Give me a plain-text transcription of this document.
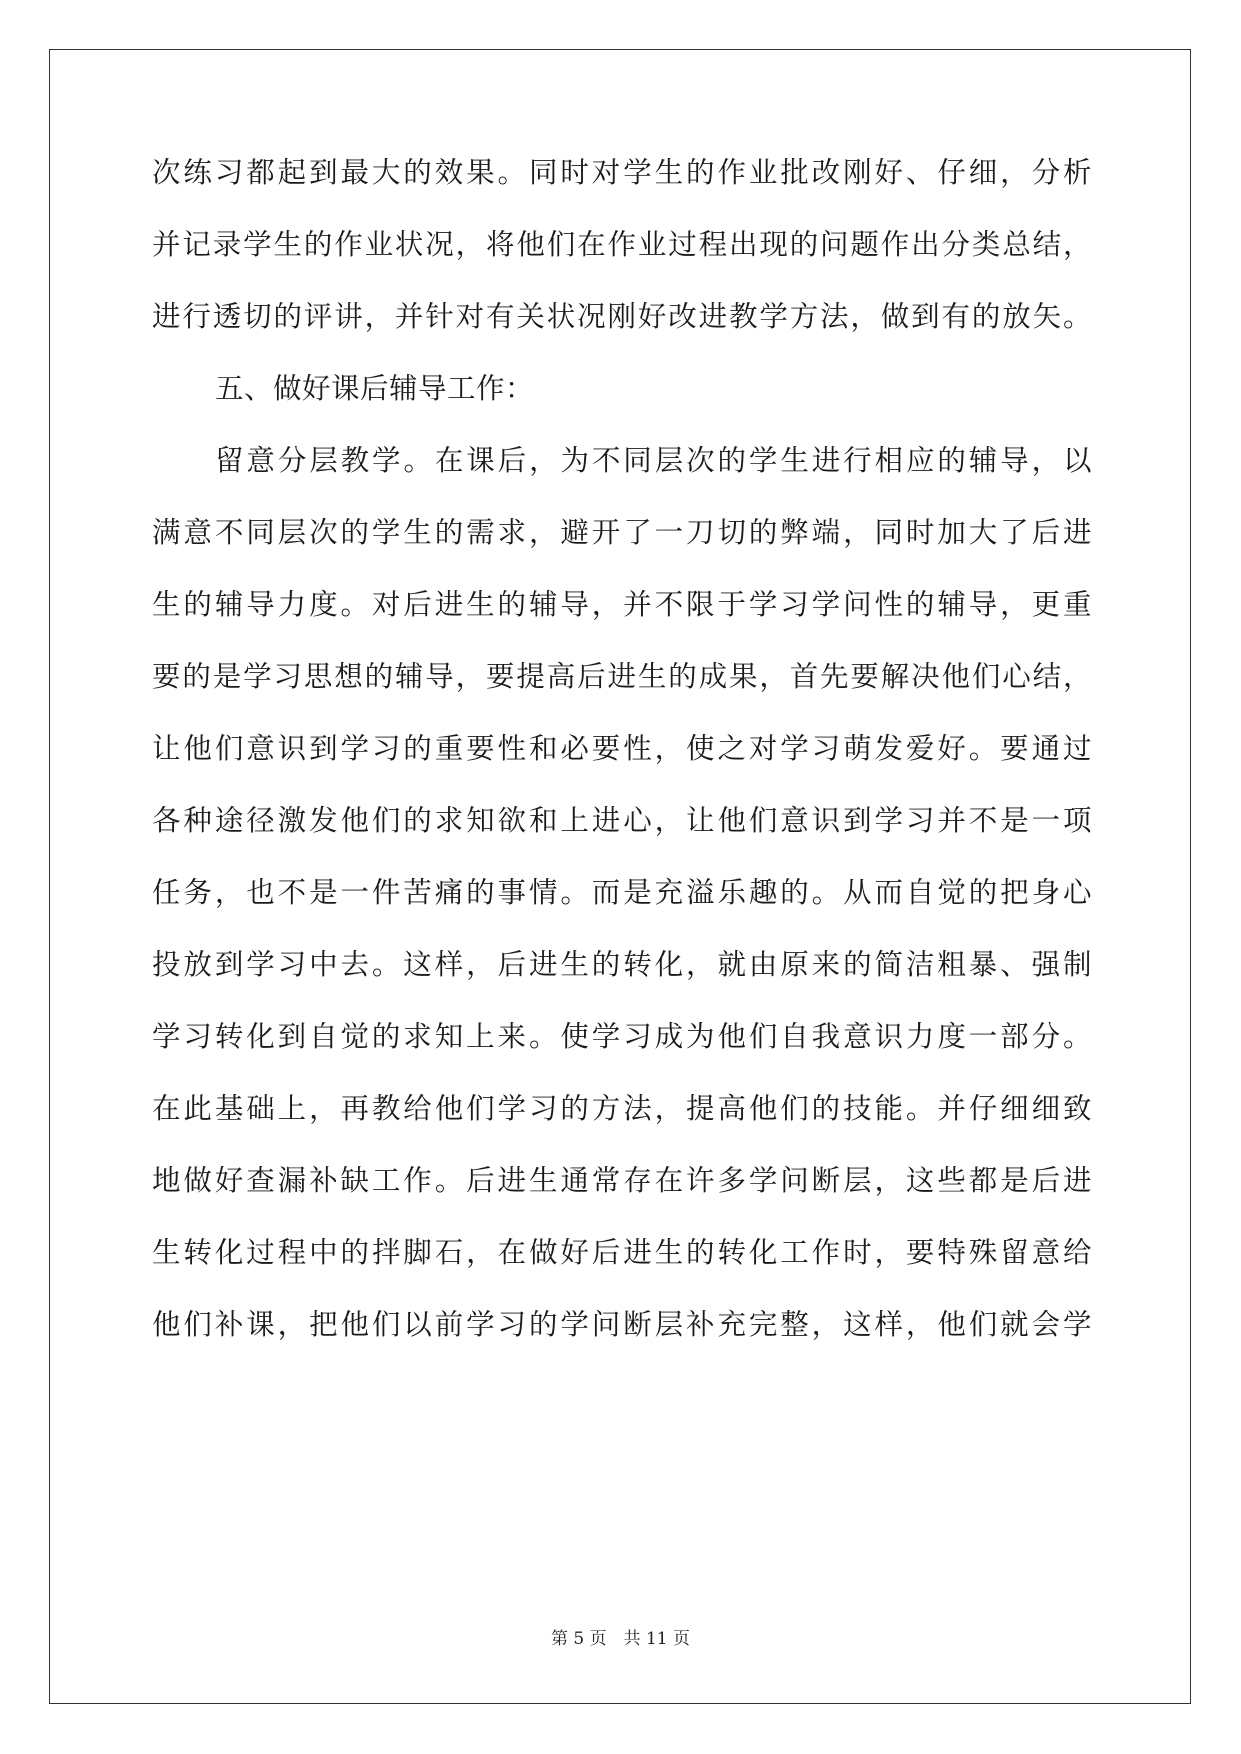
次练习都起到最大的效果。同时对学生的作业批改刚好、仔细，分析
并记录学生的作业状况，将他们在作业过程出现的问题作出分类总结，
进行透切的评讲，并针对有关状况刚好改进教学方法，做到有的放矢。
五、做好课后辅导工作：
留意分层教学。在课后，为不同层次的学生进行相应的辅导，以
满意不同层次的学生的需求，避开了一刀切的弊端，同时加大了后进
生的辅导力度。对后进生的辅导，并不限于学习学问性的辅导，更重
要的是学习思想的辅导，要提高后进生的成果，首先要解决他们心结，
让他们意识到学习的重要性和必要性，使之对学习萌发爱好。要通过
各种途径激发他们的求知欲和上进心，让他们意识到学习并不是一项
任务，也不是一件苦痛的事情。而是充溢乐趣的。从而自觉的把身心
投放到学习中去。这样，后进生的转化，就由原来的简洁粗暴、强制
学习转化到自觉的求知上来。使学习成为他们自我意识力度一部分。
在此基础上，再教给他们学习的方法，提高他们的技能。并仔细细致
地做好查漏补缺工作。后进生通常存在许多学问断层，这些都是后进
生转化过程中的拌脚石，在做好后进生的转化工作时，要特殊留意给
他们补课，把他们以前学习的学问断层补充完整，这样，他们就会学
第 5 页　共 11 页
